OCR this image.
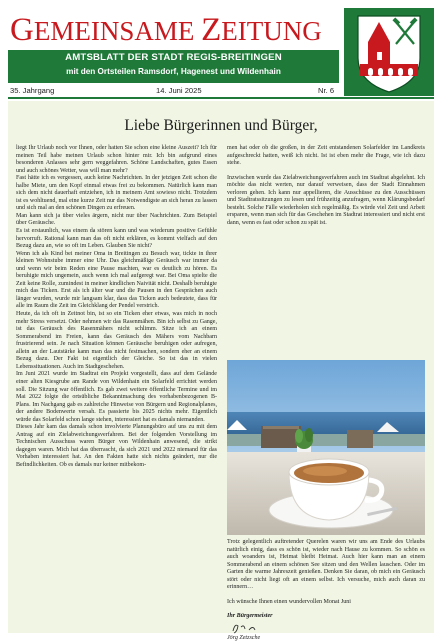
GEMEINSAME ZEITUNG
AMTSBLATT DER STADT REGIS-BREITINGEN
mit den Ortsteilen Ramsdorf, Hagenest und Wildenhain
35. Jahrgang	14. Juni 2025	Nr. 6
Liebe Bürgerinnen und Bürger,

liegt Ihr Urlaub noch vor Ihnen, oder hatten Sie schon eine kleine Auszeit? Ich für meinen Teil habe meinen Urlaub schon hinter mir. Ich bin aufgrund eines besonderen Anlasses sehr gern weggefahren. Schöne Landschaften, gutes Essen und auch schönes Wetter, was will man mehr?

Fast hätte ich es vergessen, auch keine Nachrichten. In der jetzigen Zeit schon die halbe Miete, um den Kopf einmal etwas frei zu bekommen. Natürlich kann man sich dem nicht dauerhaft entziehen, ich in meinem Amt sowieso nicht. Trotzdem ist es wohltuend, mal eine kurze Zeit nur das Notwendigste an sich heran zu lassen und sich mal an den schönen Dingen zu erfreuen.

Man kann sich ja über vieles ärgern, nicht nur über Nachrichten. Zum Beispiel über Geräusche.

Es ist erstaunlich, was einem da stören kann und was wiederum positive Gefühle hervorruft. Rational kann man das oft nicht erklären, es kommt vielfach auf den Bezug dazu an, wie so oft im Leben. Glauben Sie nicht?

Wenn ich als Kind bei meiner Oma in Breitingen zu Besuch war, tickte in ihrer kleinen Wohnstube immer eine Uhr. Das gleichmäßige Geräusch war immer da und wenn wir beim Reden eine Pause machten, war es deutlich zu hören. Es beruhigte mich ungemein, auch wenn ich mal aufgeregt war. Bei Oma spielte die Zeit keine Rolle, zumindest in meiner kindlichen Naivität nicht. Deshalb beruhigte mich das Ticken. Erst als ich älter war und die Pausen in den Gesprächen auch länger wurden, wurde mir langsam klar, dass das Ticken auch bedeutete, dass für alle im Raum die Zeit im Gleichklang der Pendel verstrich.

Heute, da ich oft in Zeitnot bin, ist so ein Ticken eher etwas, was mich in noch mehr Stress versetzt. Oder nehmen wir das Rasenmähen. Bin ich selbst zu Gange, ist das Geräusch des Rasenmähers nicht schlimm. Sitze ich an einem Sommerabend im Freien, kann das Geräusch des Mähers vom Nachbarn frustrierend sein. Je nach Situation können Geräusche beruhigen oder aufregen, allein an der Lautstärke kann man das nicht festmachen, sondern eher an einem Bezug dazu. Der Fakt ist eigentlich der Gleiche. So ist das in vielen Lebenssituationen. Auch im Stadtgeschehen.

Im Juni 2021 wurde im Stadtrat ein Projekt vorgestellt, dass auf dem Gelände einer alten Kiesgrube am Rande von Wildenhain ein Solarfeld errichtet werden soll. Die Sitzung war öffentlich. Es gab zwei weitere öffentliche Termine und im Mai 2022 folgte die ortsübliche Bekanntmachung des vorhabenbezogenen B-Plans. Im Nachgang gab es zahlreiche Hinweise von Bürgern und Regionalplanes, der andere Bodenwerte versah. Es passierte bis 2025 nichts mehr. Eigentlich würde das Solarfeld schon lange stehen, interessiert hat es damals niemanden.

Dieses Jahr kam das damals schon involvierte Planungsbüro auf uns zu mit dem Antrag auf ein Zielabweichungsverfahren. Bei der folgenden Vorstellung im Technischen Ausschuss waren Bürger von Wildenhain anwesend, die strikt dagegen waren. Mich hat das überrascht, da sich 2021 und 2022 niemand für das Vorhaben interessiert hat. An den Fakten hatte sich nichts geändert, nur die Befindlichkeiten. Ob es damals nur keiner mitbekom-

men hat oder ob die großen, in der Zeit entstandenen Solarfelder im Landkreis aufgeschreckt hatten, weiß ich nicht. Ist ist eben mehr die Frage, wie ich dazu stehe.

Inzwischen wurde das Zielabweichungsverfahren auch im Stadtrat abgelehnt. Ich möchte das nicht werten, nur darauf verweisen, dass der Stadt Einnahmen verloren gehen. Ich kann nur appellieren, die Ausschüsse zu den Ausschüssen und Stadtratssitzungen zu lesen und frühzeitig anzufragen, wenn Klärungsbedarf besteht. Solche Fälle wiederholen sich regelmäßig. Es würde viel Zeit und Arbeit ersparen, wenn man sich für das Geschehen im Stadtrat interessiert und nicht erst dann, wenn es fast oder schon zu spät ist.

Trotz gelegentlich auftretender Querelen waren wir uns am Ende des Urlaubs natürlich einig, dass es schön ist, wieder nach Hause zu kommen. So schön es auch woanders ist, Heimat bleibt Heimat. Auch hier kann man an einem Sommerabend an einem schönen See sitzen und den Wellen lauschen. Oder im Garten die warme Jahreszeit genießen. Denken Sie daran, ob mich ein Geräusch stört oder nicht liegt oft an einem selbst. Ich versuche, mich auch daran zu erinnern…

Ich wünsche Ihnen einen wundervollen Monat Juni

Ihr Bürgermeister

Jörg Zetzsche
